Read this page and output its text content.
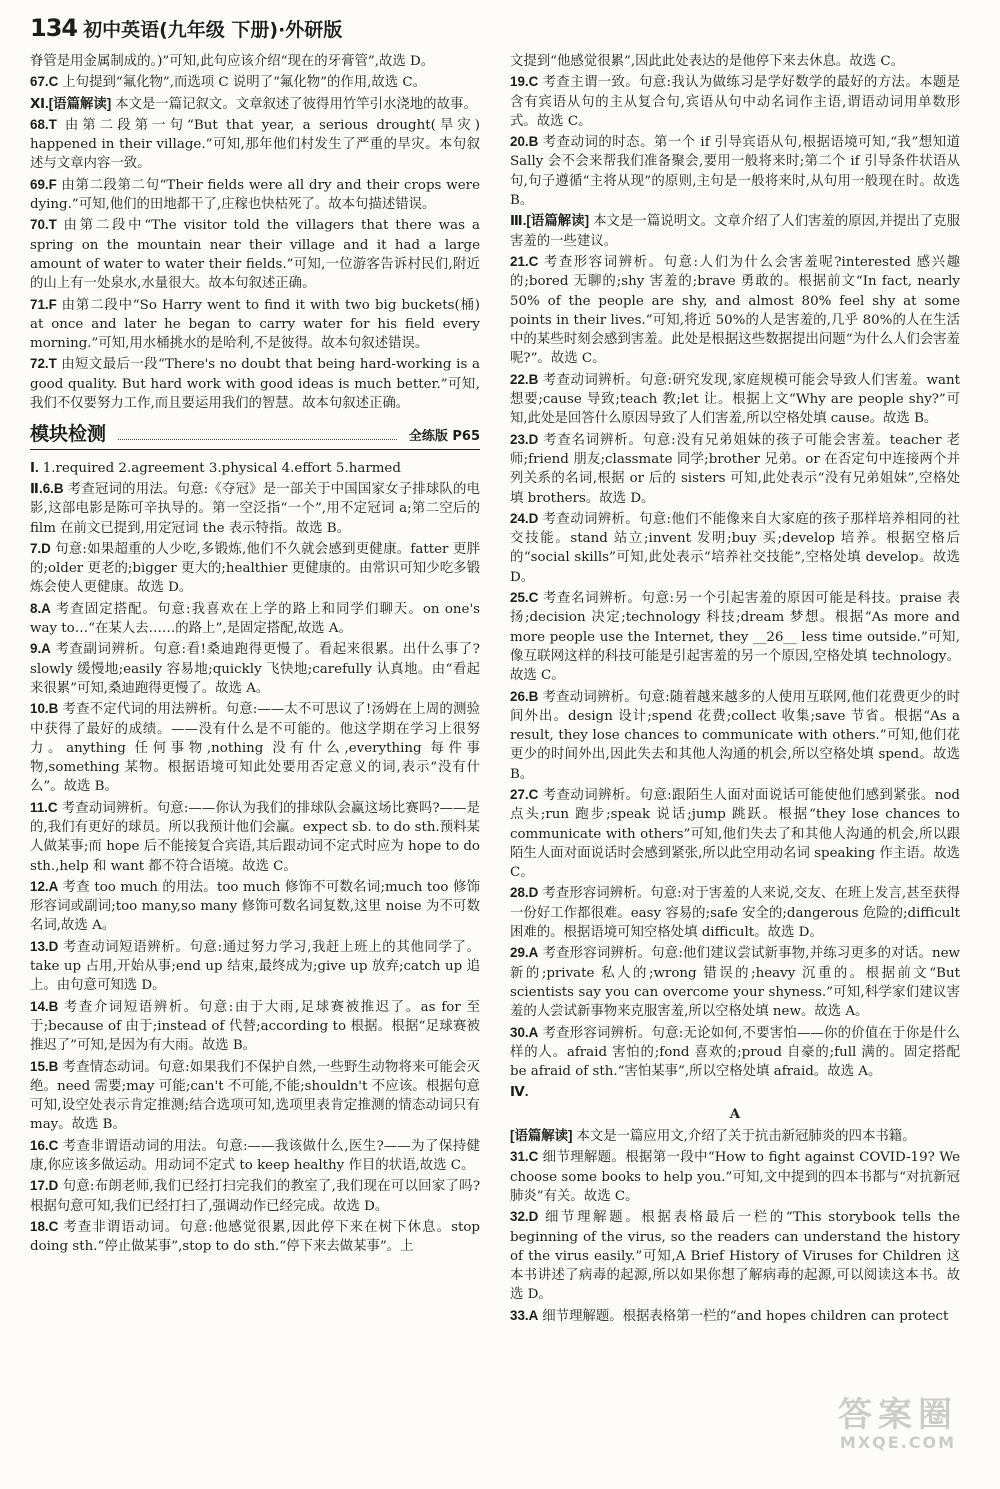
134 初中英语(九年级 下册)·外研版
脊管是用金属制成的。)”可知,此句应该介绍“现在的牙膏管”,故选 D。
67.C 上句提到“氟化物”,而选项 C 说明了“氟化物”的作用,故选 C。
Ⅺ.[语篇解读] 本文是一篇记叙文。文章叙述了彼得用竹竿引水浇地的故事。
68.T 由第二段第一句“But that year, a serious drought(旱灾) happened in their village.”可知,那年他们村发生了严重的旱灾。本句叙述与文章内容一致。
69.F 由第二段第二句“Their fields were all dry and their crops were dying.”可知,他们的田地都干了,庄稼也快枯死了。故本句描述错误。
70.T 由第二段中“The visitor told the villagers that there was a spring on the mountain near their village and it had a large amount of water to water their fields.”可知,一位游客告诉村民们,附近的山上有一处泉水,水量很大。故本句叙述正确。
71.F 由第二段中“So Harry went to find it with two big buckets(桶) at once and later he began to carry water for his field every morning.”可知,用水桶挑水的是哈利,不是彼得。故本句叙述错误。
72.T 由短文最后一段“There's no doubt that being hard-working is a good quality. But hard work with good ideas is much better.”可知,我们不仅要努力工作,而且要运用我们的智慧。故本句叙述正确。
模块检测	全练版 P65
Ⅰ. 1.required 2.agreement 3.physical 4.effort 5.harmed
Ⅱ.6.B 考查冠词的用法。句意:《夺冠》是一部关于中国国家女子排球队的电影,这部电影是陈可辛执导的。第一空泛指“一个”,用不定冠词 a;第二空后的 film 在前文已提到,用定冠词 the 表示特指。故选 B。
7.D 句意:如果超重的人少吃,多锻炼,他们不久就会感到更健康。fatter 更胖的;older 更老的;bigger 更大的;healthier 更健康的。由常识可知少吃多锻炼会使人更健康。故选 D。
8.A 考查固定搭配。句意:我喜欢在上学的路上和同学们聊天。on one's way to…“在某人去……的路上”,是固定搭配,故选 A。
9.A 考查副词辨析。句意:看!桑迪跑得更慢了。看起来很累。出什么事了?slowly 缓慢地;easily 容易地;quickly 飞快地;carefully 认真地。由“看起来很累”可知,桑迪跑得更慢了。故选 A。
10.B 考查不定代词的用法辨析。句意:——太不可思议了!汤姆在上周的测验中获得了最好的成绩。——没有什么是不可能的。他这学期在学习上很努力。anything 任何事物,nothing 没有什么,everything 每件事物,something 某物。根据语境可知此处要用否定意义的词,表示“没有什么”。故选 B。
11.C 考查动词辨析。句意:——你认为我们的排球队会赢这场比赛吗?——是的,我们有更好的球员。所以我预计他们会赢。expect sb. to do sth.预料某人做某事;而 hope 后不能接复合宾语,其后跟动词不定式时应为 hope to do sth.,help 和 want 都不符合语境。故选 C。
12.A 考查 too much 的用法。too much 修饰不可数名词;much too 修饰形容词或副词;too many,so many 修饰可数名词复数,这里 noise 为不可数名词,故选 A。
13.D 考查动词短语辨析。句意:通过努力学习,我赶上班上的其他同学了。take up 占用,开始从事;end up 结束,最终成为;give up 放弃;catch up 追上。由句意可知选 D。
14.B 考查介词短语辨析。句意:由于大雨,足球赛被推迟了。as for 至于;because of 由于;instead of 代替;according to 根据。根据“足球赛被推迟了”可知,是因为有大雨。故选 B。
15.B 考查情态动词。句意:如果我们不保护自然,一些野生动物将来可能会灭绝。need 需要;may 可能;can't 不可能,不能;shouldn't 不应该。根据句意可知,设空处表示肯定推测;结合选项可知,选项里表肯定推测的情态动词只有 may。故选 B。
16.C 考查非谓语动词的用法。句意:——我该做什么,医生?——为了保持健康,你应该多做运动。用动词不定式 to keep healthy 作目的状语,故选 C。
17.D 句意:布朗老师,我们已经打扫完我们的教室了,我们现在可以回家了吗?根据句意可知,我们已经打扫了,强调动作已经完成。故选 D。
18.C 考查非谓语动词。句意:他感觉很累,因此停下来在树下休息。stop doing sth.“停止做某事”,stop to do sth.“停下来去做某事”。上
文提到“他感觉很累”,因此此处表达的是他停下来去休息。故选 C。
19.C 考查主谓一致。句意:我认为做练习是学好数学的最好的方法。本题是含有宾语从句的主从复合句,宾语从句中动名词作主语,谓语动词用单数形式。故选 C。
20.B 考查动词的时态。第一个 if 引导宾语从句,根据语境可知,“我”想知道 Sally 会不会来帮我们准备聚会,要用一般将来时;第二个 if 引导条件状语从句,句子遵循“主将从现”的原则,主句是一般将来时,从句用一般现在时。故选 B。
Ⅲ.[语篇解读] 本文是一篇说明文。文章介绍了人们害羞的原因,并提出了克服害羞的一些建议。
21.C 考查形容词辨析。句意:人们为什么会害羞呢?interested 感兴趣的;bored 无聊的;shy 害羞的;brave 勇敢的。根据前文“In fact, nearly 50% of the people are shy, and almost 80% feel shy at some points in their lives.”可知,将近 50%的人是害羞的,几乎 80%的人在生活中的某些时刻会感到害羞。此处是根据这些数据提出问题“为什么人们会害羞呢?”。故选 C。
22.B 考查动词辨析。句意:研究发现,家庭规模可能会导致人们害羞。want 想要;cause 导致;teach 教;let 让。根据上文“Why are people shy?”可知,此处是回答什么原因导致了人们害羞,所以空格处填 cause。故选 B。
23.D 考查名词辨析。句意:没有兄弟姐妹的孩子可能会害羞。teacher 老师;friend 朋友;classmate 同学;brother 兄弟。or 在否定句中连接两个并列关系的名词,根据 or 后的 sisters 可知,此处表示“没有兄弟姐妹”,空格处填 brothers。故选 D。
24.D 考查动词辨析。句意:他们不能像来自大家庭的孩子那样培养相同的社交技能。stand 站立;invent 发明;buy 买;develop 培养。根据空格后的“social skills”可知,此处表示“培养社交技能”,空格处填 develop。故选 D。
25.C 考查名词辨析。句意:另一个引起害羞的原因可能是科技。praise 表扬;decision 决定;technology 科技;dream 梦想。根据“As more and more people use the Internet, they __26__ less time outside.”可知,像互联网这样的科技可能是引起害羞的另一个原因,空格处填 technology。故选 C。
26.B 考查动词辨析。句意:随着越来越多的人使用互联网,他们花费更少的时间外出。design 设计;spend 花费;collect 收集;save 节省。根据“As a result, they lose chances to communicate with others.”可知,他们花更少的时间外出,因此失去和其他人沟通的机会,所以空格处填 spend。故选 B。
27.C 考查动词辨析。句意:跟陌生人面对面说话可能使他们感到紧张。nod 点头;run 跑步;speak 说话;jump 跳跃。根据“they lose chances to communicate with others”可知,他们失去了和其他人沟通的机会,所以跟陌生人面对面说话时会感到紧张,所以此空用动名词 speaking 作主语。故选 C。
28.D 考查形容词辨析。句意:对于害羞的人来说,交友、在班上发言,甚至获得一份好工作都很难。easy 容易的;safe 安全的;dangerous 危险的;difficult 困难的。根据语境可知空格处填 difficult。故选 D。
29.A 考查形容词辨析。句意:他们建议尝试新事物,并练习更多的对话。new 新的;private 私人的;wrong 错误的;heavy 沉重的。根据前文“But scientists say you can overcome your shyness.”可知,科学家们建议害羞的人尝试新事物来克服害羞,所以空格处填 new。故选 A。
30.A 考查形容词辨析。句意:无论如何,不要害怕——你的价值在于你是什么样的人。afraid 害怕的;fond 喜欢的;proud 自豪的;full 满的。固定搭配 be afraid of sth.“害怕某事”,所以空格处填 afraid。故选 A。
Ⅳ.
A
[语篇解读] 本文是一篇应用文,介绍了关于抗击新冠肺炎的四本书籍。
31.C 细节理解题。根据第一段中“How to fight against COVID-19? We choose some books to help you.”可知,文中提到的四本书都与“对抗新冠肺炎”有关。故选 C。
32.D 细节理解题。根据表格最后一栏的“This storybook tells the beginning of the virus, so the readers can understand the history of the virus easily.”可知,A Brief History of Viruses for Children 这本书讲述了病毒的起源,所以如果你想了解病毒的起源,可以阅读这本书。故选 D。
33.A 细节理解题。根据表格第一栏的“and hopes children can protect
答案圈
MXQE.COM
